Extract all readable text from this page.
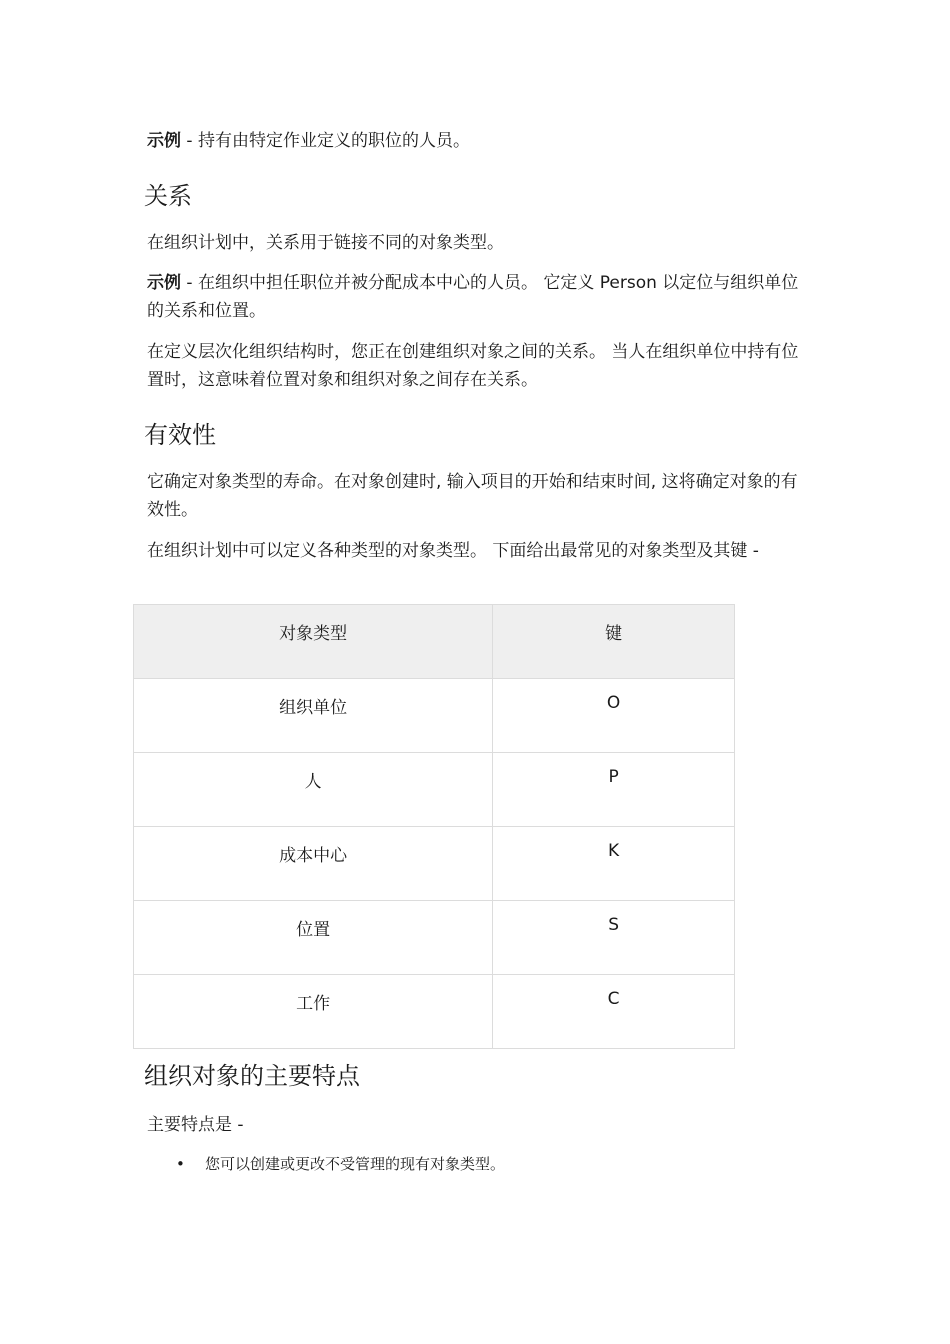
示例 - 持有由特定作业定义的职位的人员。

关系

在组织计划中，关系用于链接不同的对象类型。

示例 - 在组织中担任职位并被分配成本中心的人员。 它定义 Person 以定位与组织单位的关系和位置。

在定义层次化组织结构时，您正在创建组织对象之间的关系。 当人在组织单位中持有位置时，这意味着位置对象和组织对象之间存在关系。

有效性

它确定对象类型的寿命。在对象创建时, 输入项目的开始和结束时间, 这将确定对象的有效性。

在组织计划中可以定义各种类型的对象类型。 下面给出最常见的对象类型及其键 -

对象类型	键
组织单位	O
人	P
成本中心	K
位置	S
工作	C
组织对象的主要特点

主要特点是 -

• 您可以创建或更改不受管理的现有对象类型。
